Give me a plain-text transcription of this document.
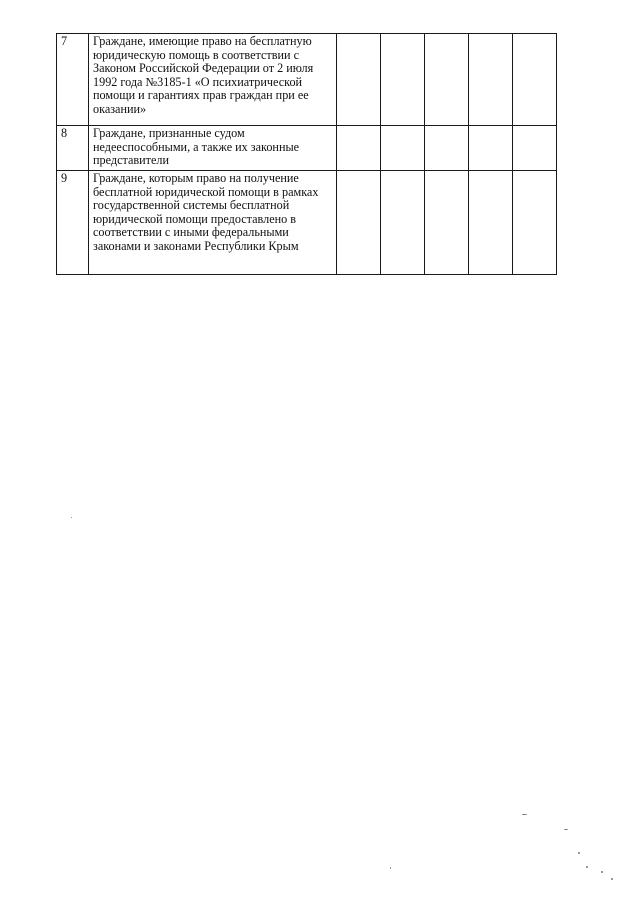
7	Граждане, имеющие право на бесплатную юридическую помощь в соответствии с Законом Российской Федерации от 2 июля 1992 года №3185-1 «О психиатрической помощи и гарантиях прав граждан при ее оказании»					
8	Граждане, признанные судом недееспособными, а также их законные представители					
9	Граждане, которым право на получение бесплатной юридической помощи в рамках государственной системы бесплатной юридической помощи предоставлено в соответствии с иными федеральными законами и законами Республики Крым					
